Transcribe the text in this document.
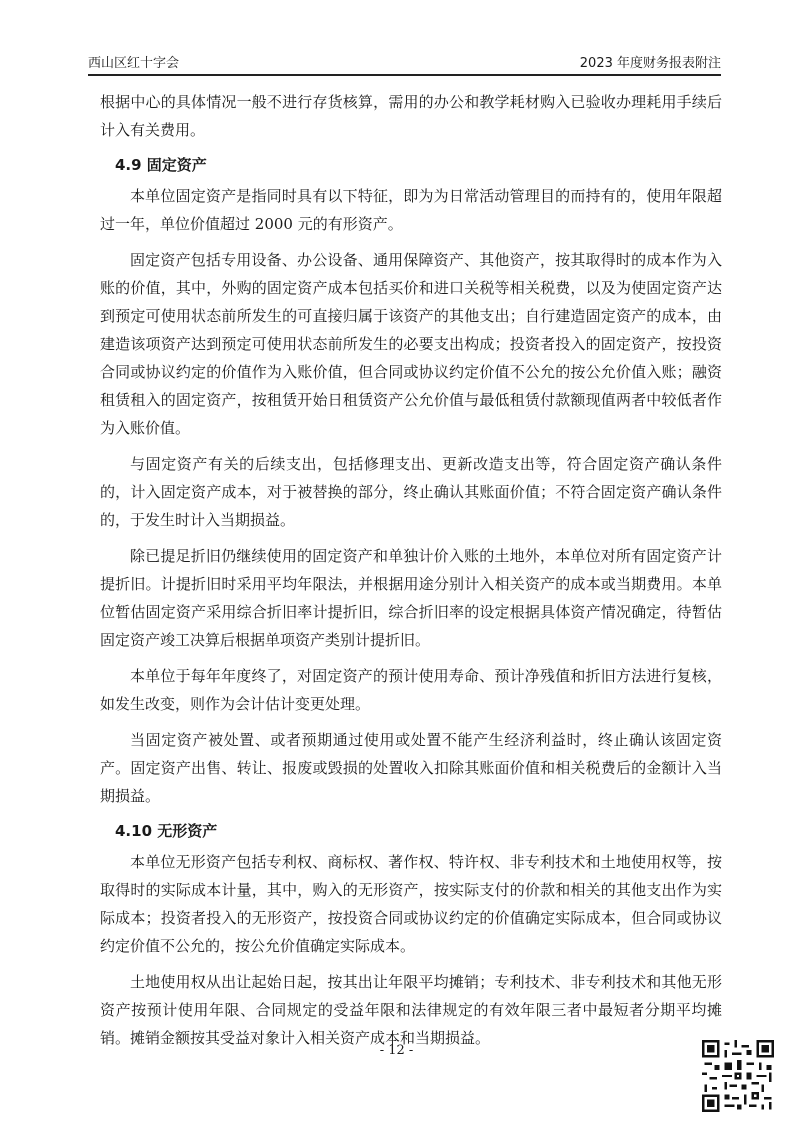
西山区红十字会	2023 年度财务报表附注

根据中心的具体情况一般不进行存货核算，需用的办公和教学耗材购入已验收办理耗用手续后计入有关费用。

4.9 固定资产

本单位固定资产是指同时具有以下特征，即为为日常活动管理目的而持有的，使用年限超过一年，单位价值超过 2000 元的有形资产。

固定资产包括专用设备、办公设备、通用保障资产、其他资产，按其取得时的成本作为入账的价值，其中，外购的固定资产成本包括买价和进口关税等相关税费，以及为使固定资产达到预定可使用状态前所发生的可直接归属于该资产的其他支出；自行建造固定资产的成本，由建造该项资产达到预定可使用状态前所发生的必要支出构成；投资者投入的固定资产，按投资合同或协议约定的价值作为入账价值，但合同或协议约定价值不公允的按公允价值入账；融资租赁租入的固定资产，按租赁开始日租赁资产公允价值与最低租赁付款额现值两者中较低者作为入账价值。

与固定资产有关的后续支出，包括修理支出、更新改造支出等，符合固定资产确认条件的，计入固定资产成本，对于被替换的部分，终止确认其账面价值；不符合固定资产确认条件的，于发生时计入当期损益。

除已提足折旧仍继续使用的固定资产和单独计价入账的土地外，本单位对所有固定资产计提折旧。计提折旧时采用平均年限法，并根据用途分别计入相关资产的成本或当期费用。本单位暂估固定资产采用综合折旧率计提折旧，综合折旧率的设定根据具体资产情况确定，待暂估固定资产竣工决算后根据单项资产类别计提折旧。

本单位于每年年度终了，对固定资产的预计使用寿命、预计净残值和折旧方法进行复核，如发生改变，则作为会计估计变更处理。

当固定资产被处置、或者预期通过使用或处置不能产生经济利益时，终止确认该固定资产。固定资产出售、转让、报废或毁损的处置收入扣除其账面价值和相关税费后的金额计入当期损益。

4.10 无形资产

本单位无形资产包括专利权、商标权、著作权、特许权、非专利技术和土地使用权等，按取得时的实际成本计量，其中，购入的无形资产，按实际支付的价款和相关的其他支出作为实际成本；投资者投入的无形资产，按投资合同或协议约定的价值确定实际成本，但合同或协议约定价值不公允的，按公允价值确定实际成本。

土地使用权从出让起始日起，按其出让年限平均摊销；专利技术、非专利技术和其他无形资产按预计使用年限、合同规定的受益年限和法律规定的有效年限三者中最短者分期平均摊销。摊销金额按其受益对象计入相关资产成本和当期损益。

- 12 -
